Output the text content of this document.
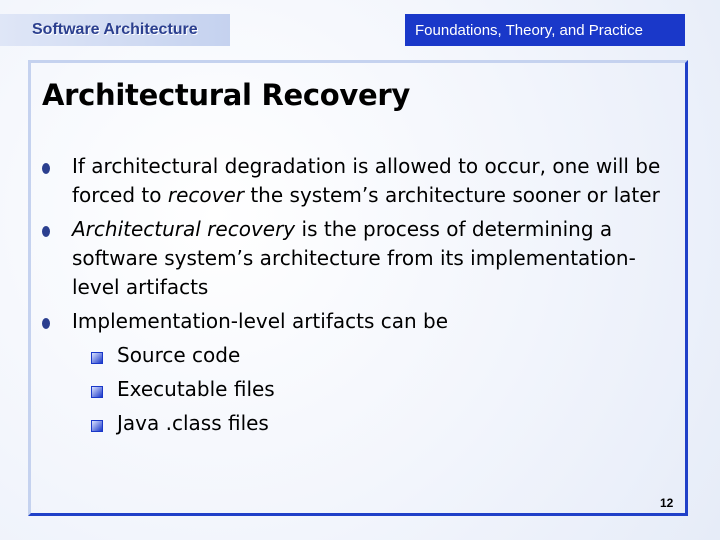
Software Architecture	Foundations, Theory, and Practice
Architectural Recovery
If architectural degradation is allowed to occur, one will be forced to recover the system’s architecture sooner or later
Architectural recovery is the process of determining a software system’s architecture from its implementation-level artifacts
Implementation-level artifacts can be
Source code
Executable files
Java .class files
12
